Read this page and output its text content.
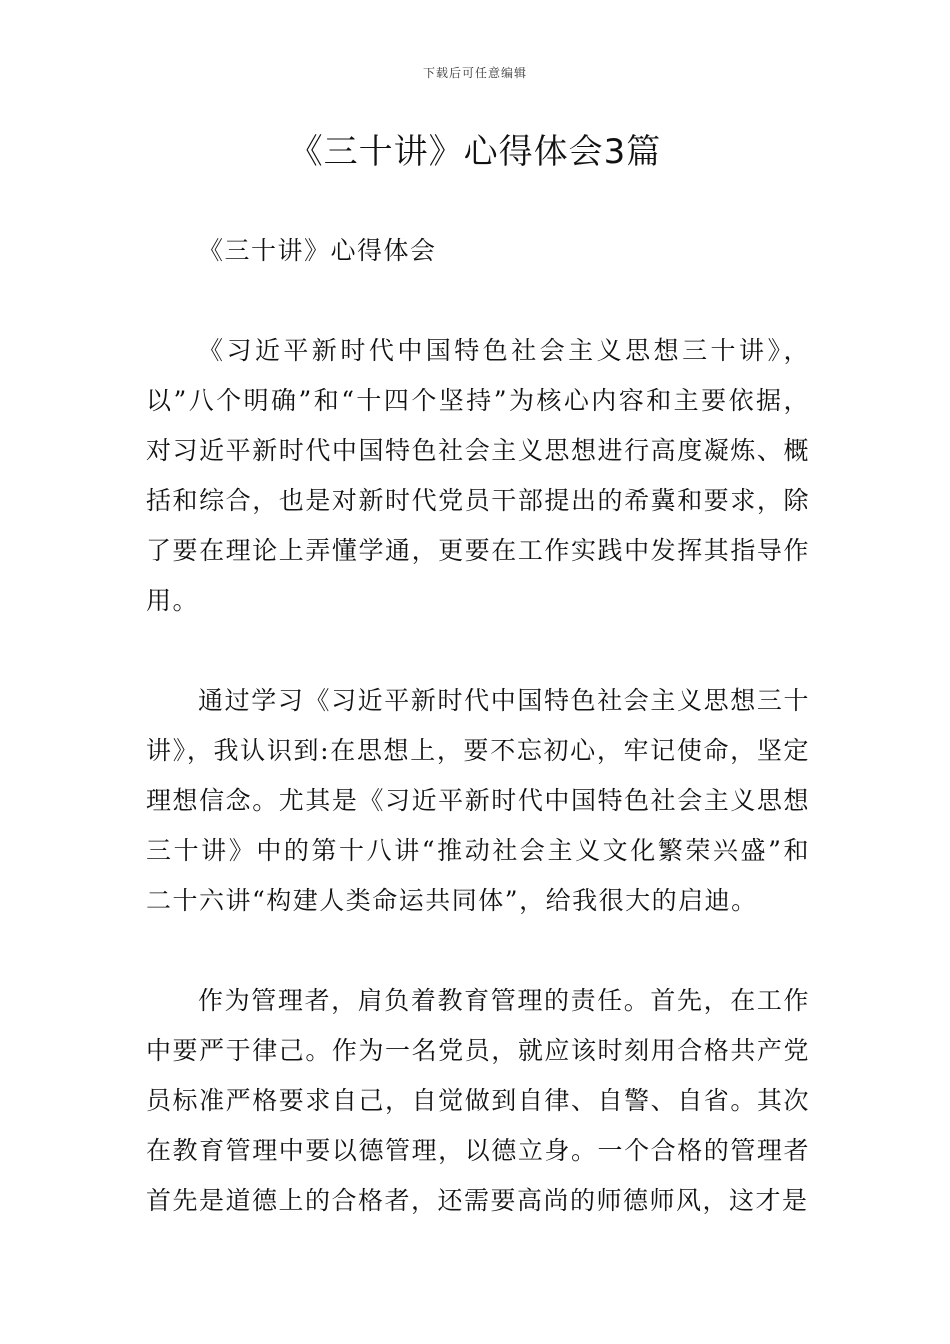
下载后可任意编辑
《三十讲》心得体会3篇

《三十讲》心得体会

《习近平新时代中国特色社会主义思想三十讲》，以”八个明确”和“十四个坚持”为核心内容和主要依据，对习近平新时代中国特色社会主义思想进行高度凝炼、概括和综合，也是对新时代党员干部提出的希冀和要求，除了要在理论上弄懂学通，更要在工作实践中发挥其指导作用。

通过学习《习近平新时代中国特色社会主义思想三十讲》，我认识到:在思想上，要不忘初心，牢记使命，坚定理想信念。尤其是《习近平新时代中国特色社会主义思想三十讲》中的第十八讲“推动社会主义文化繁荣兴盛”和二十六讲“构建人类命运共同体”，给我很大的启迪。

作为管理者，肩负着教育管理的责任。首先，在工作中要严于律己。作为一名党员，就应该时刻用合格共产党员标准严格要求自己，自觉做到自律、自警、自省。其次在教育管理中要以德管理，以德立身。一个合格的管理者首先是道德上的合格者，还需要高尚的师德师风，这才是
